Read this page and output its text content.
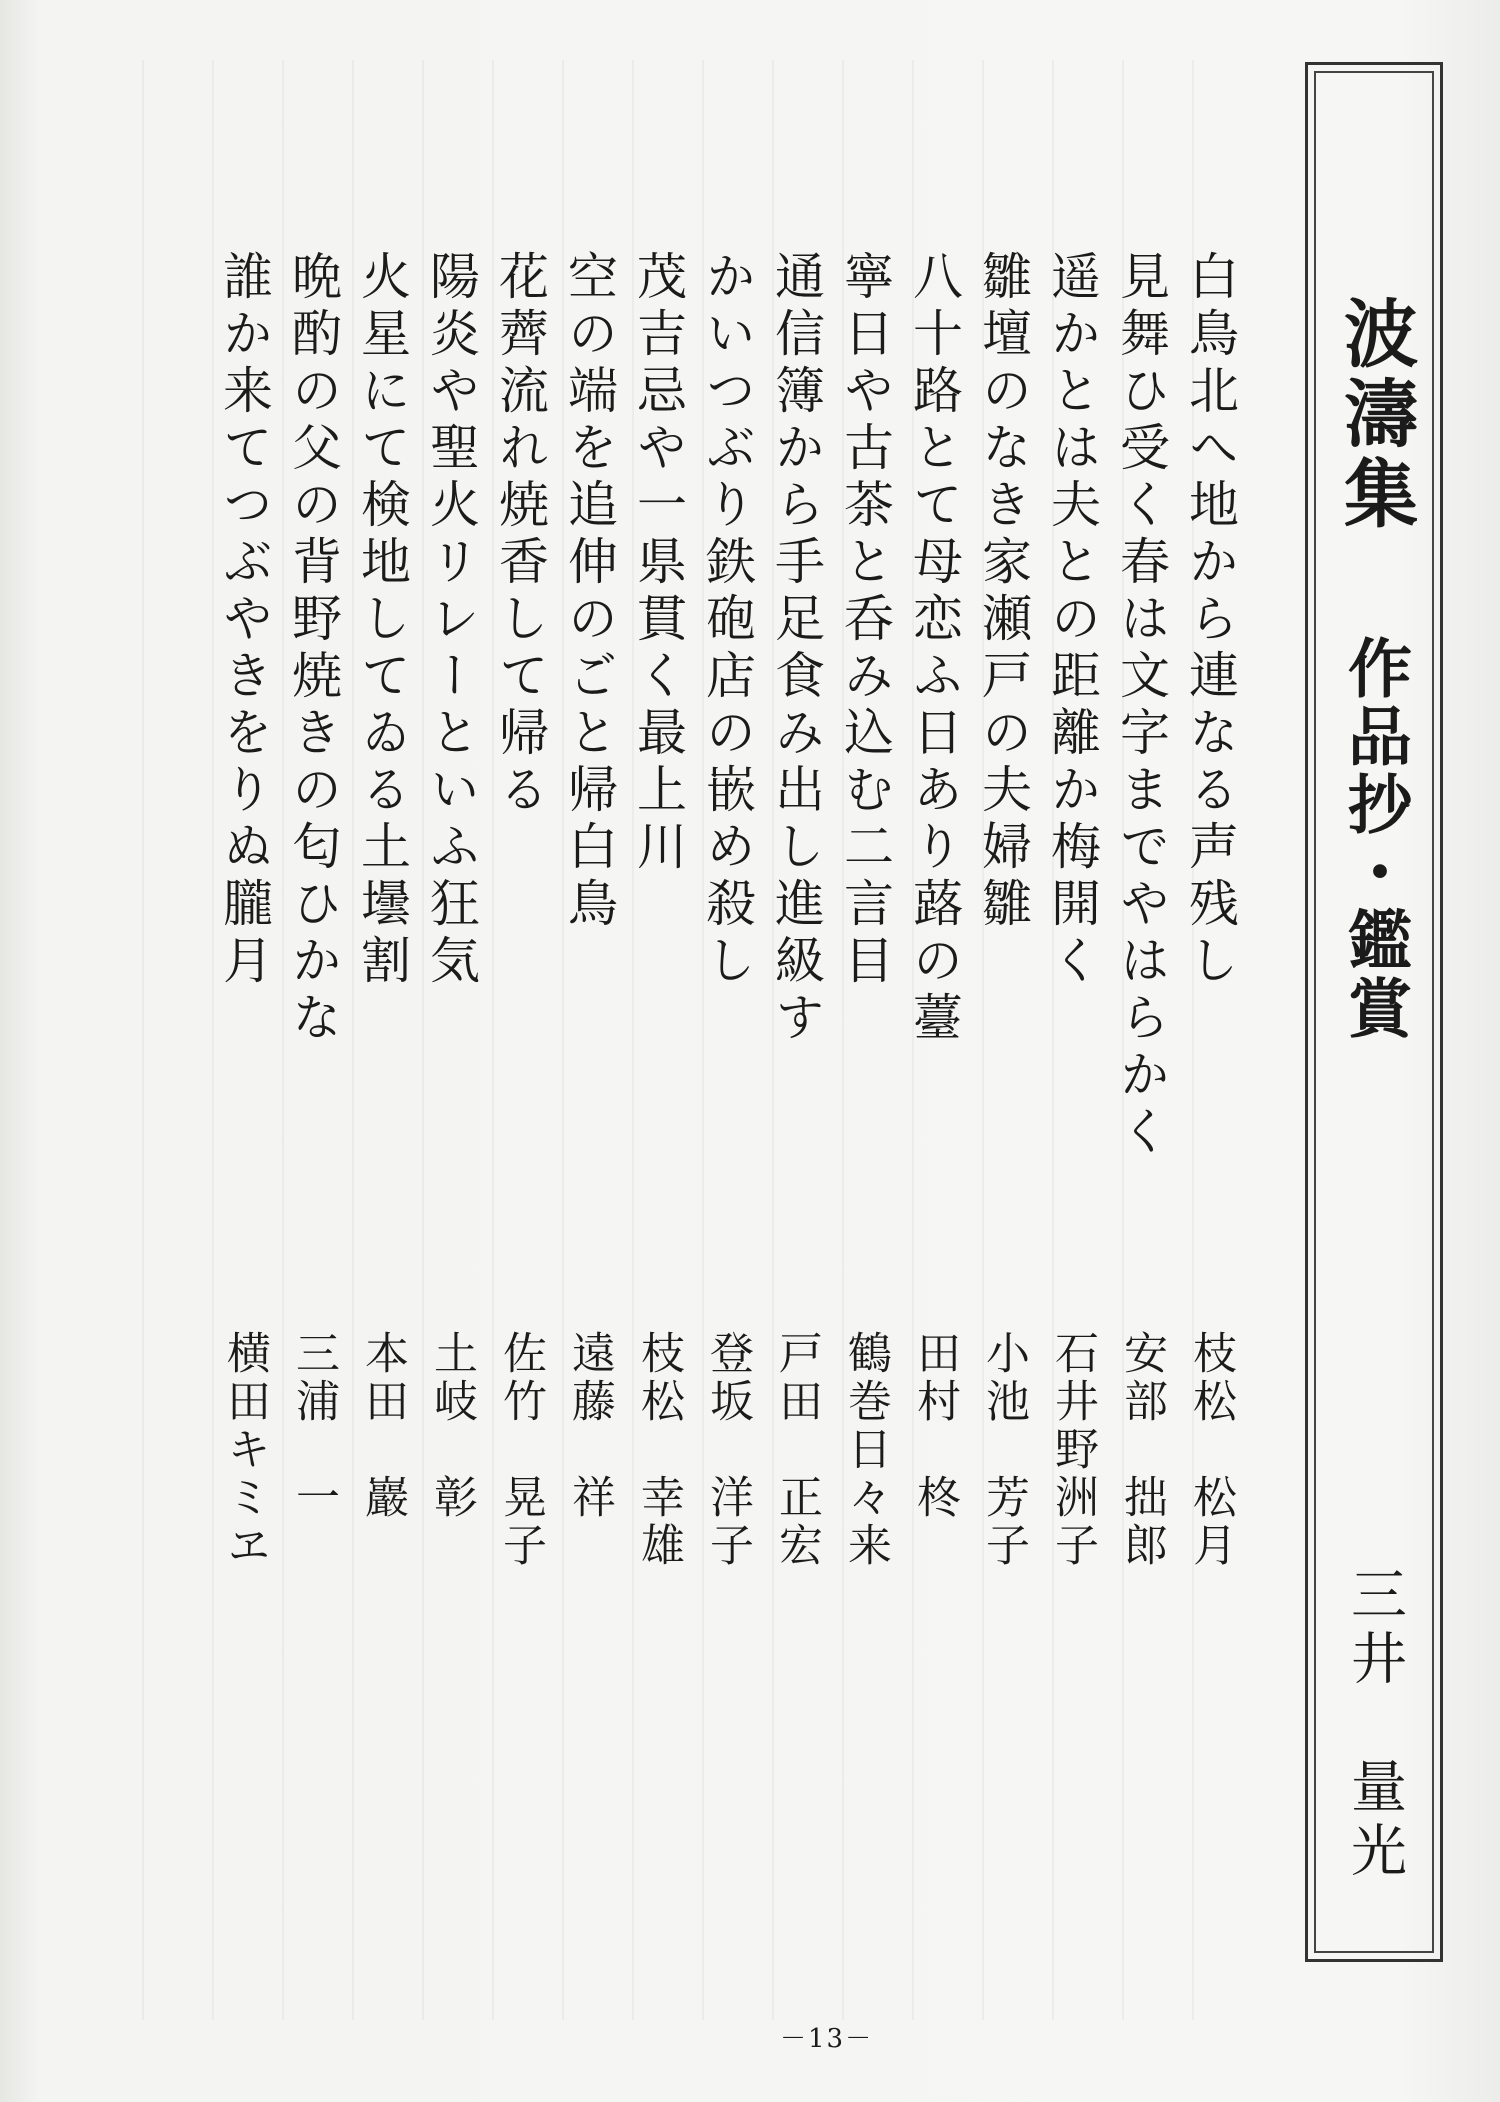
波濤集
作品抄・鑑賞
三井　量光
白鳥北へ地から連なる声残し
枝松　松月
見舞ひ受く春は文字までやはらかく
安部　拙郎
遥かとは夫との距離か梅開く
石井野洲子
雛壇のなき家瀬戸の夫婦雛
小池　芳子
八十路とて母恋ふ日あり蕗の薹
田村　柊
寧日や古茶と呑み込む二言目
鶴巻日々来
通信簿から手足食み出し進級す
戸田　正宏
かいつぶり鉄砲店の嵌め殺し
登坂　洋子
茂吉忌や一県貫く最上川
枝松　幸雄
空の端を追伸のごと帰白鳥
遠藤　祥
花薺流れ焼香して帰る
佐竹　晃子
陽炎や聖火リレーといふ狂気
土岐　彰
火星にて検地してゐる土壜割
本田　巖
晩酌の父の背野焼きの匂ひかな
三浦　一
誰か来てつぶやきをりぬ朧月
横田キミヱ
－13－
